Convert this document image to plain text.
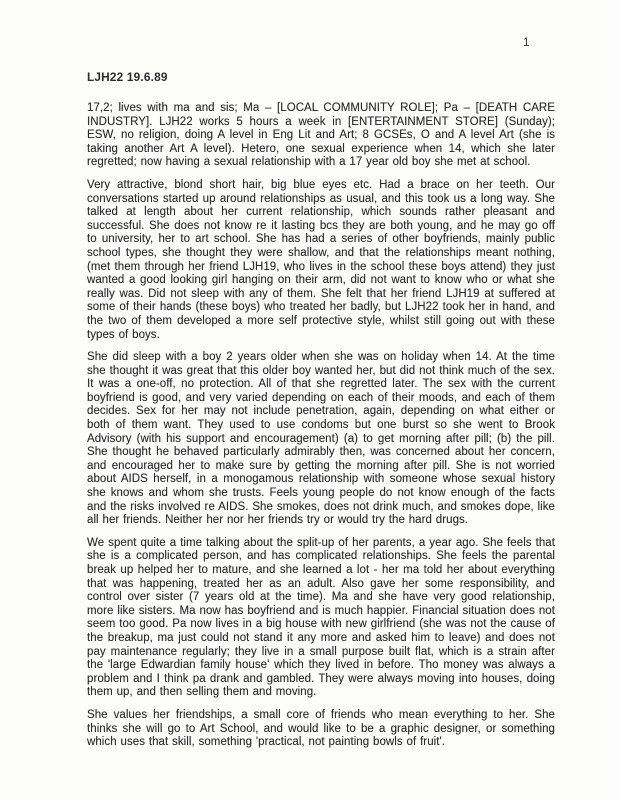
1
LJH22 19.6.89

17,2; lives with ma and sis; Ma – [LOCAL COMMUNITY ROLE]; Pa – [DEATH CARE INDUSTRY]. LJH22 works 5 hours a week in [ENTERTAINMENT STORE] (Sunday); ESW, no religion, doing A level in Eng Lit and Art; 8 GCSEs, O and A level Art (she is taking another Art A level). Hetero, one sexual experience when 14, which she later regretted; now having a sexual relationship with a 17 year old boy she met at school.

Very attractive, blond short hair, big blue eyes etc. Had a brace on her teeth. Our conversations started up around relationships as usual, and this took us a long way. She talked at length about her current relationship, which sounds rather pleasant and successful. She does not know re it lasting bcs they are both young, and he may go off to university, her to art school. She has had a series of other boyfriends, mainly public school types, she thought they were shallow, and that the relationships meant nothing, (met them through her friend LJH19, who lives in the school these boys attend) they just wanted a good looking girl hanging on their arm, did not want to know who or what she really was. Did not sleep with any of them. She felt that her friend LJH19 at suffered at some of their hands (these boys) who treated her badly, but LJH22 took her in hand, and the two of them developed a more self protective style, whilst still going out with these types of boys.

She did sleep with a boy 2 years older when she was on holiday when 14. At the time she thought it was great that this older boy wanted her, but did not think much of the sex. It was a one-off, no protection. All of that she regretted later. The sex with the current boyfriend is good, and very varied depending on each of their moods, and each of them decides. Sex for her may not include penetration, again, depending on what either or both of them want. They used to use condoms but one burst so she went to Brook Advisory (with his support and encouragement) (a) to get morning after pill; (b) the pill. She thought he behaved particularly admirably then, was concerned about her concern, and encouraged her to make sure by getting the morning after pill. She is not worried about AIDS herself, in a monogamous relationship with someone whose sexual history she knows and whom she trusts. Feels young people do not know enough of the facts and the risks involved re AIDS. She smokes, does not drink much, and smokes dope, like all her friends. Neither her nor her friends try or would try the hard drugs.

We spent quite a time talking about the split-up of her parents, a year ago. She feels that she is a complicated person, and has complicated relationships. She feels the parental break up helped her to mature, and she learned a lot - her ma told her about everything that was happening, treated her as an adult. Also gave her some responsibility, and control over sister (7 years old at the time). Ma and she have very good relationship, more like sisters. Ma now has boyfriend and is much happier. Financial situation does not seem too good. Pa now lives in a big house with new girlfriend (she was not the cause of the breakup, ma just could not stand it any more and asked him to leave) and does not pay maintenance regularly; they live in a small purpose built flat, which is a strain after the 'large Edwardian family house' which they lived in before. Tho money was always a problem and I think pa drank and gambled. They were always moving into houses, doing them up, and then selling them and moving.

She values her friendships, a small core of friends who mean everything to her. She thinks she will go to Art School, and would like to be a graphic designer, or something which uses that skill, something 'practical, not painting bowls of fruit'.
